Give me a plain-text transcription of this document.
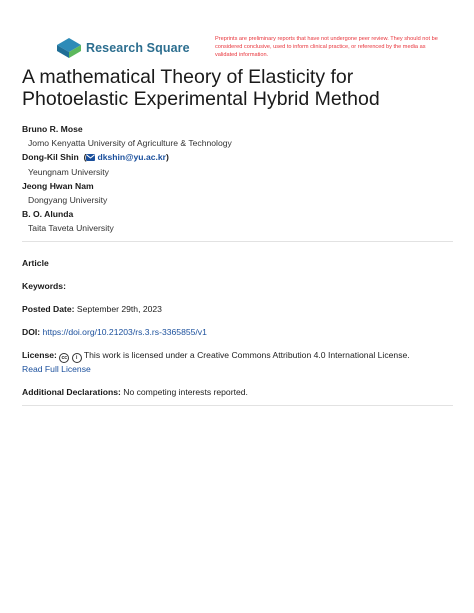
Research Square
Preprints are preliminary reports that have not undergone peer review. They should not be considered conclusive, used to inform clinical practice, or referenced by the media as validated information.
A mathematical Theory of Elasticity for Photoelastic Experimental Hybrid Method
Bruno R. Mose
Jomo Kenyatta University of Agriculture & Technology
Dong-Kil Shin  ( dkshin@yu.ac.kr)
Yeungnam University
Jeong Hwan Nam
Dongyang University
B. O. Alunda
Taita Taveta University
Article
Keywords:
Posted Date: September 29th, 2023
DOI: https://doi.org/10.21203/rs.3.rs-3365855/v1
License: cc i This work is licensed under a Creative Commons Attribution 4.0 International License.
Read Full License
Additional Declarations: No competing interests reported.
